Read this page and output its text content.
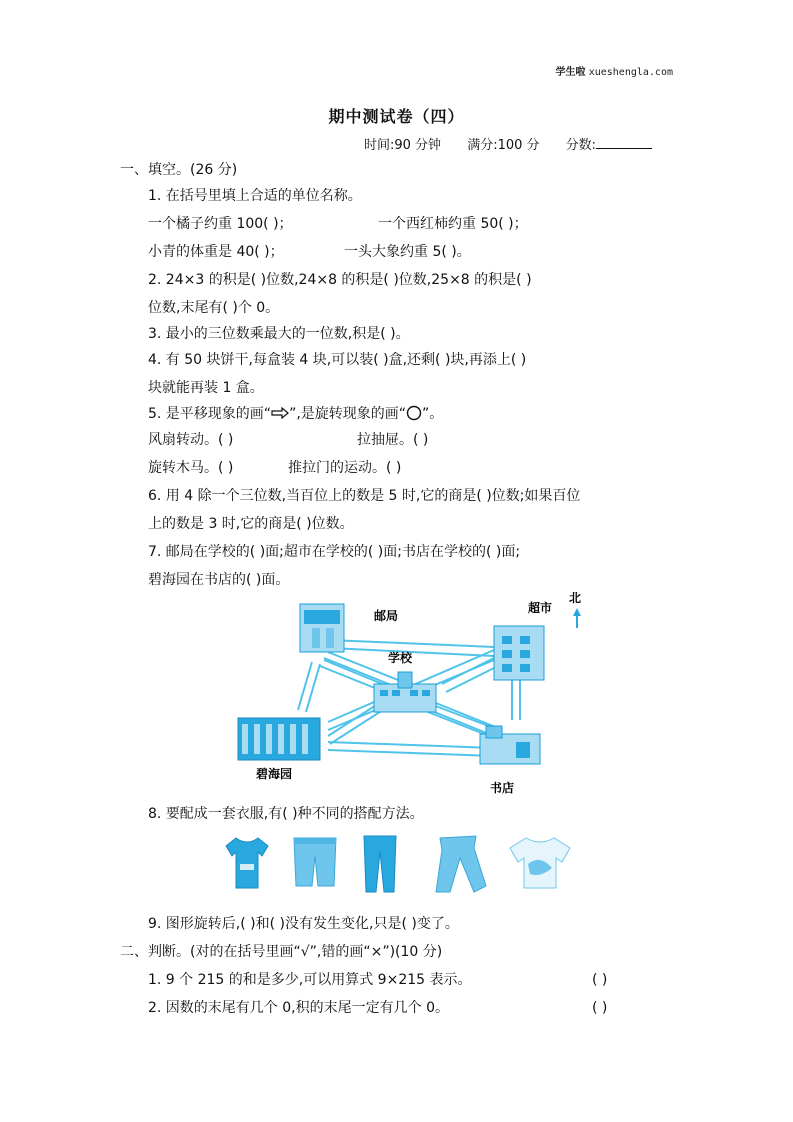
学生啦 xueshengla.com
期中测试卷（四）
时间:90 分钟 满分:100 分 分数:
一、填空。(26 分)
1. 在括号里填上合适的单位名称。
一个橘子约重 100( )；	一个西红柿约重 50( )；
小青的体重是 40( )；	一头大象约重 5( )。
2. 24×3 的积是( )位数,24×8 的积是( )位数,25×8 的积是( )
位数,末尾有( )个 0。
3. 最小的三位数乘最大的一位数,积是( )。
4. 有 50 块饼干,每盒装 4 块,可以装( )盒,还剩( )块,再添上( )
块就能再装 1 盒。
5. 是平移现象的画“ ”,是旋转现象的画“ ”。
风扇转动。( )	拉抽屉。( )
旋转木马。( )	推拉门的运动。( )
6. 用 4 除一个三位数,当百位上的数是 5 时,它的商是( )位数;如果百位
上的数是 3 时,它的商是( )位数。
7. 邮局在学校的( )面;超市在学校的( )面;书店在学校的( )面;
碧海园在书店的( )面。
邮局
超市
北
学校
碧海园
书店
8. 要配成一套衣服,有( )种不同的搭配方法。
9. 图形旋转后,( )和( )没有发生变化,只是( )变了。
二、判断。(对的在括号里画“√”,错的画“×”)(10 分)
1. 9 个 215 的和是多少,可以用算式 9×215 表示。	( )
2. 因数的末尾有几个 0,积的末尾一定有几个 0。	( )
